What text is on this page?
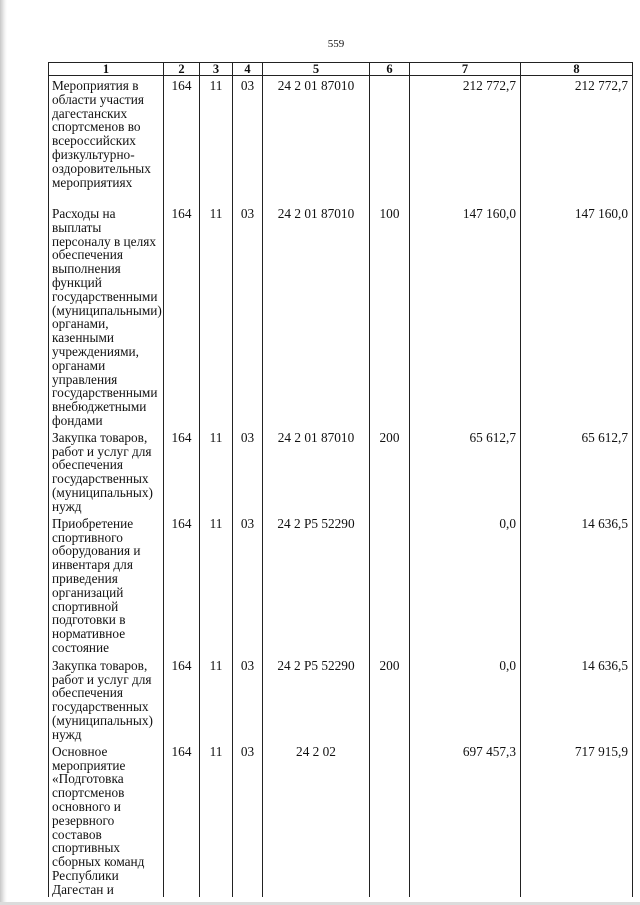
559
1	2	3	4	5	6	7	8
Мероприятия в области участия дагестанских спортсменов во всероссийских физкультурно-оздоровительных мероприятиях	164	11	03	24 2 01 87010		212 772,7	212 772,7
Расходы на выплаты персоналу в целях обеспечения выполнения функций государственными (муниципальными) органами, казенными учреждениями, органами управления государственными внебюджетными фондами	164	11	03	24 2 01 87010	100	147 160,0	147 160,0
Закупка товаров, работ и услуг для обеспечения государственных (муниципальных) нужд	164	11	03	24 2 01 87010	200	65 612,7	65 612,7
Приобретение спортивного оборудования и инвентаря для приведения организаций спортивной подготовки в нормативное состояние	164	11	03	24 2 P5 52290		0,0	14 636,5
Закупка товаров, работ и услуг для обеспечения государственных (муниципальных) нужд	164	11	03	24 2 P5 52290	200	0,0	14 636,5
Основное мероприятие «Подготовка спортсменов основного и резервного составов спортивных сборных команд Республики Дагестан и	164	11	03	24 2 02		697 457,3	717 915,9
